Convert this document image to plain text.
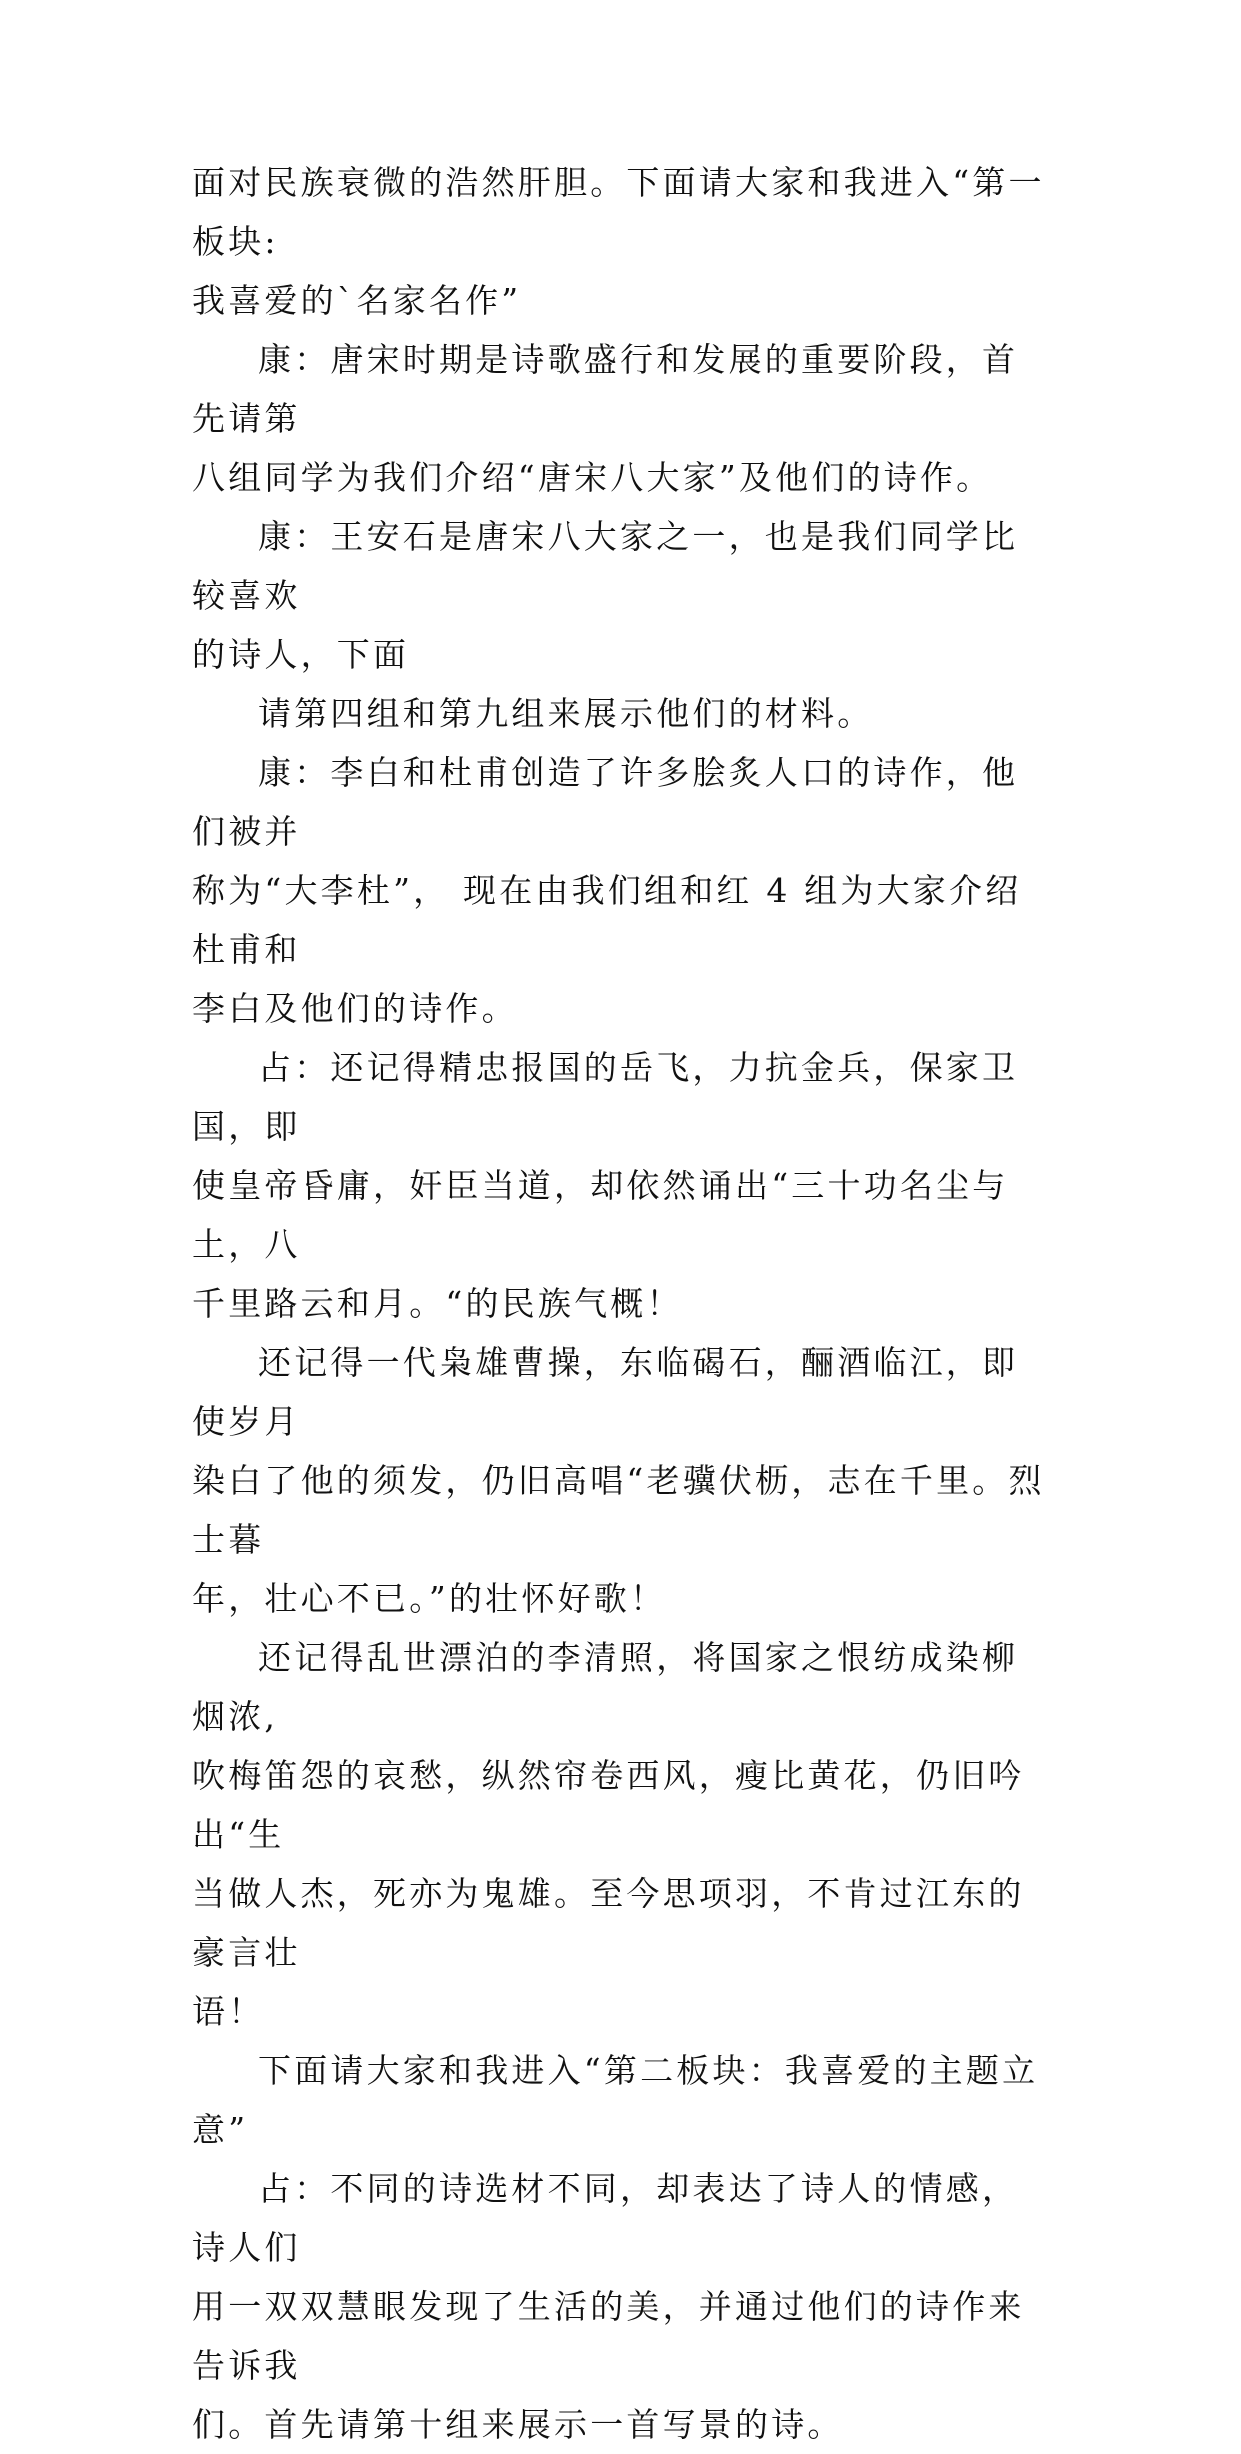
面对民族衰微的浩然肝胆。下面请大家和我进入“第一板块:
我喜爱的`名家名作”

康：唐宋时期是诗歌盛行和发展的重要阶段，首先请第
八组同学为我们介绍“唐宋八大家”及他们的诗作。

康：王安石是唐宋八大家之一，也是我们同学比较喜欢
的诗人，下面

请第四组和第九组来展示他们的材料。

康：李白和杜甫创造了许多脍炙人口的诗作，他们被并
称为“大李杜”， 现在由我们组和红 4 组为大家介绍杜甫和
李白及他们的诗作。

占：还记得精忠报国的岳飞，力抗金兵，保家卫国，即
使皇帝昏庸，奸臣当道，却依然诵出“三十功名尘与土，八
千里路云和月。“的民族气概！

还记得一代枭雄曹操，东临碣石，酾酒临江，即使岁月
染白了他的须发，仍旧高唱“老骥伏枥，志在千里。烈士暮
年，壮心不已。”的壮怀好歌！

还记得乱世漂泊的李清照，将国家之恨纺成染柳烟浓,
吹梅笛怨的哀愁，纵然帘卷西风，瘦比黄花，仍旧吟出“生
当做人杰，死亦为鬼雄。至今思项羽，不肯过江东的豪言壮
语！

下面请大家和我进入“第二板块：我喜爱的主题立意”

占：不同的诗选材不同，却表达了诗人的情感，诗人们
用一双双慧眼发现了生活的美，并通过他们的诗作来告诉我
们。首先请第十组来展示一首写景的诗。
